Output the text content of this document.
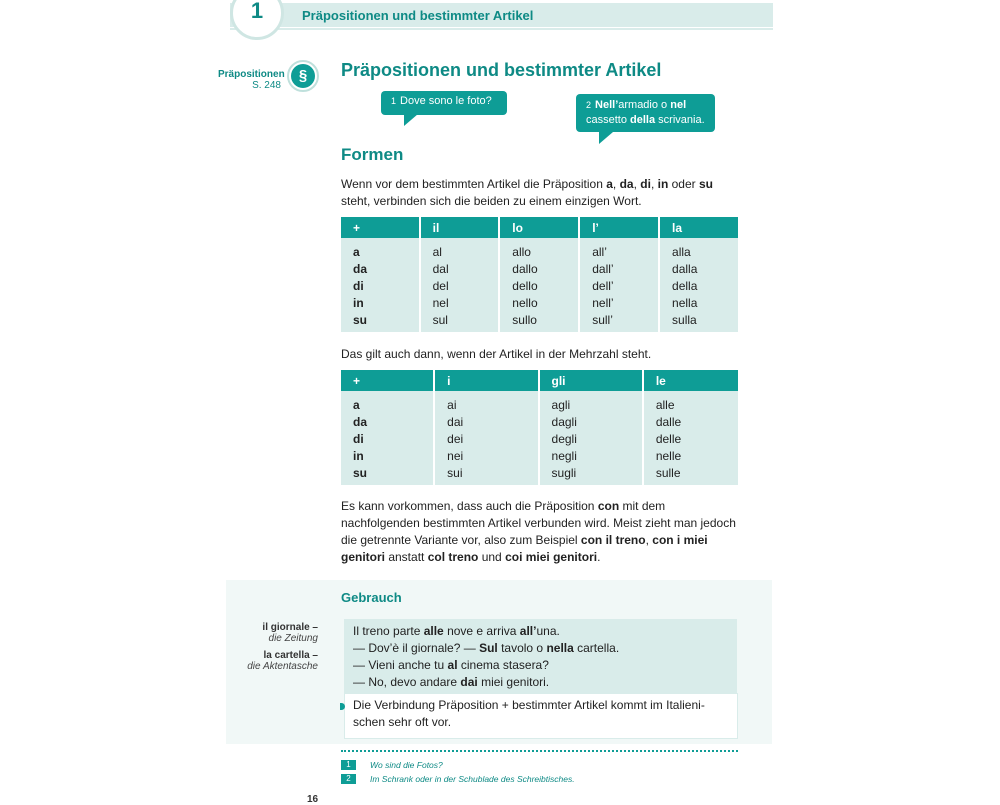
Präpositionen und bestimmter Artikel
1
Präpositionen
S. 248
§	Präpositionen und bestimmter Artikel
1 Dove sono le foto?	2 Nell’armadio o nel cassetto della scrivania.
Formen
Wenn vor dem bestimmten Artikel die Präposition a, da, di, in oder su steht, verbinden sich die beiden zu einem einzigen Wort.
+	il	lo	l’	la
a	al	allo	all’	alla
da	dal	dallo	dall’	dalla
di	del	dello	dell’	della
in	nel	nello	nell’	nella
su	sul	sullo	sull’	sulla
Das gilt auch dann, wenn der Artikel in der Mehrzahl steht.
+	i	gli	le
a	ai	agli	alle
da	dai	dagli	dalle
di	dei	degli	delle
in	nei	negli	nelle
su	sui	sugli	sulle
Es kann vorkommen, dass auch die Präposition con mit dem nachfolgenden bestimmten Artikel verbunden wird. Meist zieht man jedoch die getrennte Variante vor, also zum Beispiel con il treno, con i miei genitori anstatt col treno und coi miei genitori.
Gebrauch
il giornale –
die Zeitung
la cartella –
die Aktentasche
Il treno parte alle nove e arriva all’una.
— Dov’è il giornale? — Sul tavolo o nella cartella.
— Vieni anche tu al cinema stasera?
— No, devo andare dai miei genitori.
Die Verbindung Präposition + bestimmter Artikel kommt im Italienischen sehr oft vor.
1	Wo sind die Fotos?
2	Im Schrank oder in der Schublade des Schreibtisches.
16
